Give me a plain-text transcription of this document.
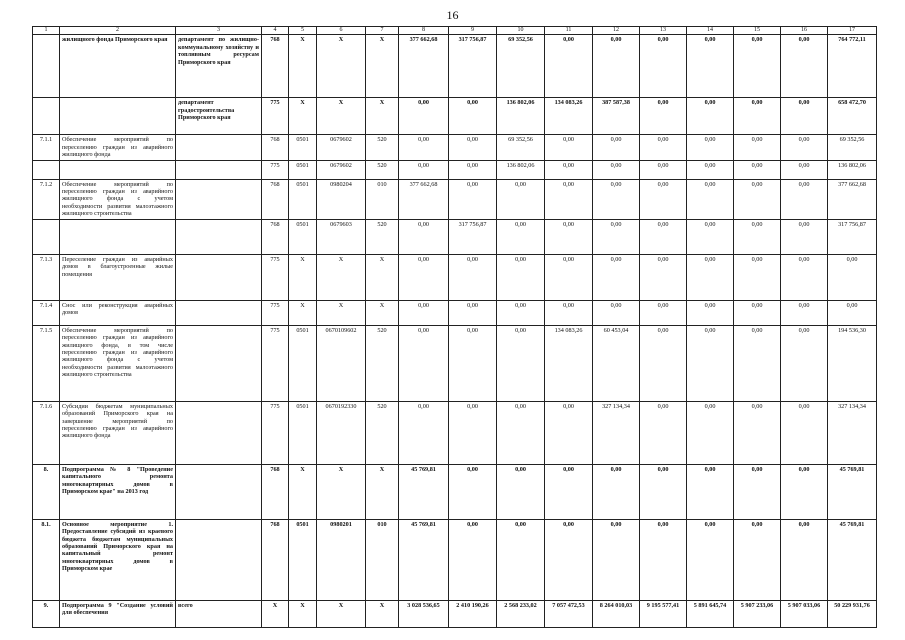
16
1	2	3	4	5	6	7	8	9	10	11	12	13	14	15	16	17
	жилищного фонда Приморского края	департамент по жилищно-коммунальному хозяйству и топливным ресурсам Приморского края	768	Х	Х	Х	377 662,68	317 756,87	69 352,56	0,00	0,00	0,00	0,00	0,00	0,00	764 772,11
		департамент градостроительства Приморского края	775	Х	Х	Х	0,00	0,00	136 802,06	134 083,26	387 587,38	0,00	0,00	0,00	0,00	658 472,70
7.1.1	Обеспечение мероприятий по переселению граждан из аварийного жилищного фонда		768	0501	0679602	520	0,00	0,00	69 352,56	0,00	0,00	0,00	0,00	0,00	0,00	69 352,56
			775	0501	0679602	520	0,00	0,00	136 802,06	0,00	0,00	0,00	0,00	0,00	0,00	136 802,06
7.1.2	Обеспечение мероприятий по переселению граждан из аварийного жилищного фонда с учетом необходимости развития малоэтажного жилищного строительства		768	0501	0980204	010	377 662,68	0,00	0,00	0,00	0,00	0,00	0,00	0,00	0,00	377 662,68
			768	0501	0679603	520	0,00	317 756,87	0,00	0,00	0,00	0,00	0,00	0,00	0,00	317 756,87
7.1.3	Переселение граждан из аварийных домов в благоустроенные жилые помещения		775	Х	Х	Х	0,00	0,00	0,00	0,00	0,00	0,00	0,00	0,00	0,00	0,00
7.1.4	Снос или реконструкция аварийных домов		775	Х	Х	Х	0,00	0,00	0,00	0,00	0,00	0,00	0,00	0,00	0,00	0,00
7.1.5	Обеспечение мероприятий по переселению граждан из аварийного жилищного фонда, в том числе переселению граждан из аварийного жилищного фонда с учетом необходимости развития малоэтажного жилищного строительства		775	0501	0670109602	520	0,00	0,00	0,00	134 083,26	60 453,04	0,00	0,00	0,00	0,00	194 536,30
7.1.6	Субсидии бюджетам муниципальных образований Приморского края на завершение мероприятий по переселению граждан из аварийного жилищного фонда		775	0501	0670192330	520	0,00	0,00	0,00	0,00	327 134,34	0,00	0,00	0,00	0,00	327 134,34
8.	Подпрограмма № 8 "Проведение капитального ремонта многоквартирных домов в Приморском крае" на 2013 год		768	Х	Х	Х	45 769,81	0,00	0,00	0,00	0,00	0,00	0,00	0,00	0,00	45 769,81
8.1.	Основное мероприятие 1. Предоставление субсидий из краевого бюджета бюджетам муниципальных образований Приморского края на капитальный ремонт многоквартирных домов в Приморском крае		768	0501	0980201	010	45 769,81	0,00	0,00	0,00	0,00	0,00	0,00	0,00	0,00	45 769,81
9.	Подпрограмма 9 "Создание условий для обеспечения	всего	Х	Х	Х	Х	3 028 536,65	2 410 190,26	2 568 233,02	7 057 472,53	8 264 010,03	9 195 577,41	5 891 645,74	5 907 233,06	5 907 033,06	50 229 931,76
